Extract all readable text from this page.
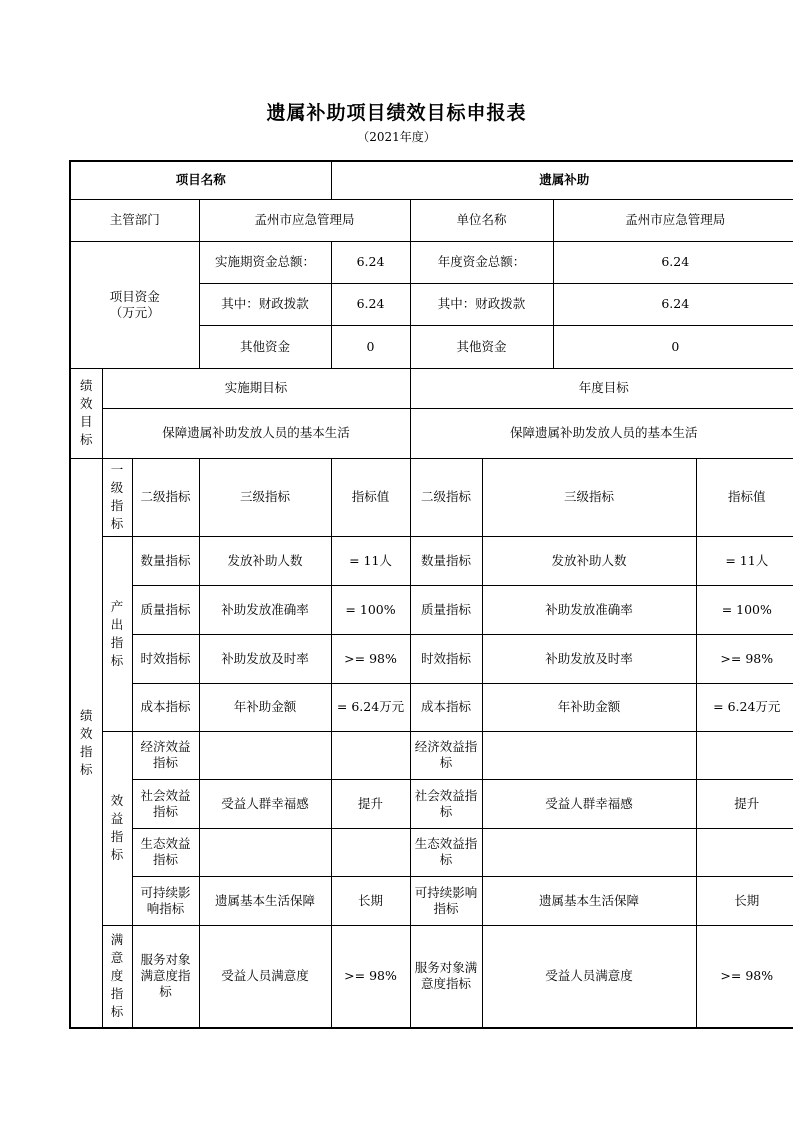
遗属补助项目绩效目标申报表
（2021年度）
项目名称				遗属补助				
主管部门			孟州市应急管理局		单位名称		孟州市应急管理局	
项目资金（万元）			实施期资金总额：	6.24	年度资金总额：		6.24	
			其中：财政拨款	6.24	其中：财政拨款		6.24	
			其他资金	0	其他资金		0	
绩效目标	实施期目标				年度目标			
	保障遗属补助发放人员的基本生活				保障遗属补助发放人员的基本生活			
绩效指标	一级指标	二级指标	三级指标	指标值	二级指标	三级指标		指标值
	产出指标	数量指标	发放补助人数	= 11人	数量指标	发放补助人数		= 11人
		质量指标	补助发放准确率	= 100%	质量指标	补助发放准确率		= 100%
		时效指标	补助发放及时率	>= 98%	时效指标	补助发放及时率		>= 98%
		成本指标	年补助金额	= 6.24万元	成本指标	年补助金额		= 6.24万元
	效益指标	经济效益指标			经济效益指标			
		社会效益指标	受益人群幸福感	提升	社会效益指标	受益人群幸福感		提升
		生态效益指标			生态效益指标			
		可持续影响指标	遗属基本生活保障	长期	可持续影响指标	遗属基本生活保障		长期
	满意度指标	服务对象满意度指标	受益人员满意度	>= 98%	服务对象满意度指标	受益人员满意度		>= 98%
